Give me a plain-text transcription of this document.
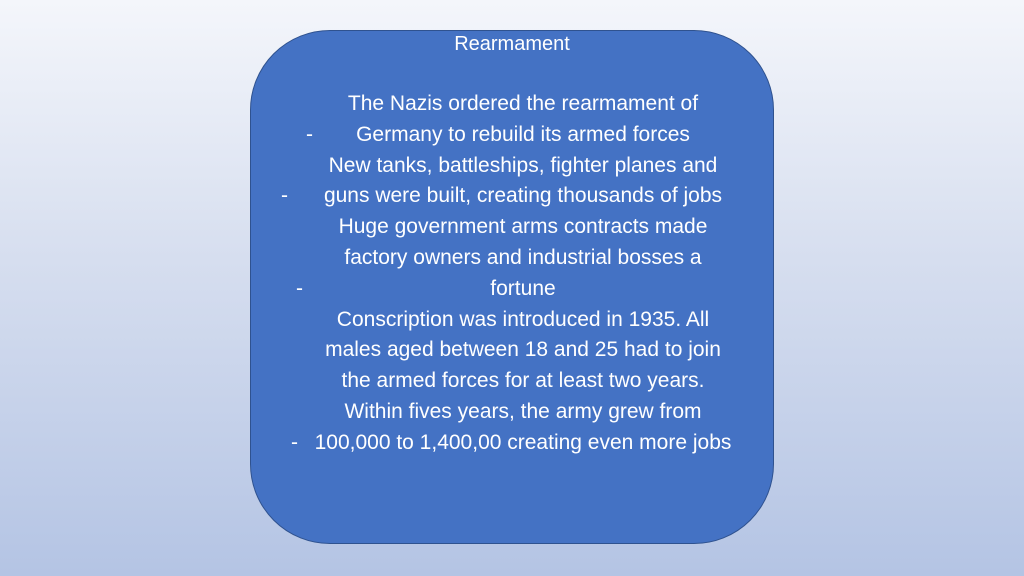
Rearmament
-The Nazis ordered the rearmament of Germany to rebuild its armed forces
-New tanks, battleships, fighter planes and guns were built, creating thousands of jobs
-Huge government arms contracts made factory owners and industrial bosses a fortune
-Conscription was introduced in 1935. All males aged between 18 and 25 had to join the armed forces for at least two years. Within fives years, the army grew from 100,000 to 1,400,00 creating even more jobs
